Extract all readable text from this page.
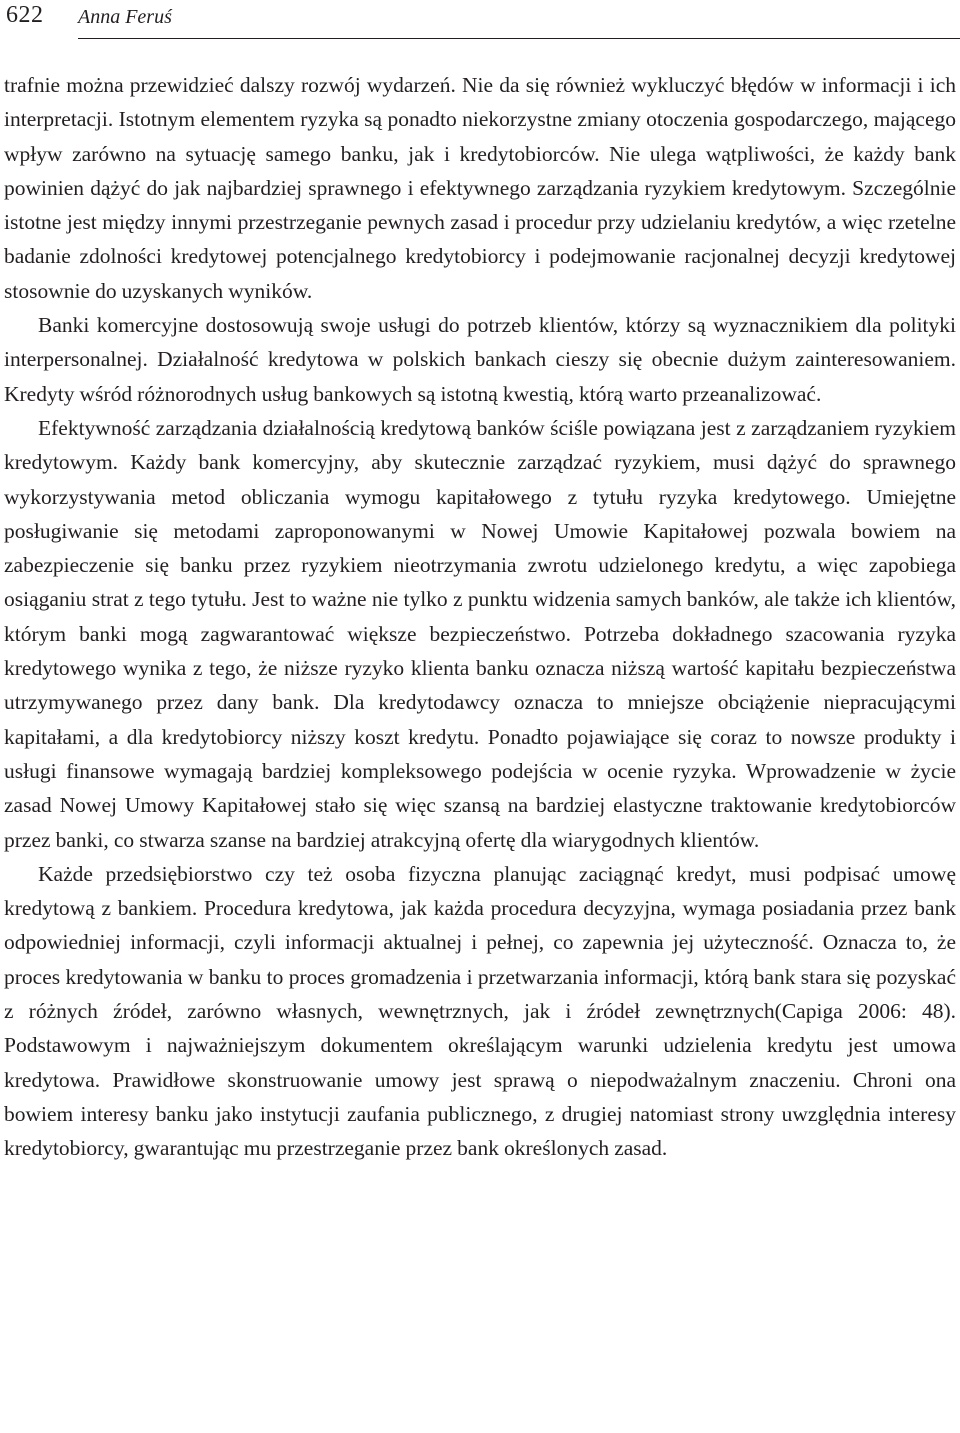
622 Anna Feruś

trafnie można przewidzieć dalszy rozwój wydarzeń. Nie da się również wykluczyć błędów w informacji i ich interpretacji. Istotnym elementem ryzyka są ponadto niekorzystne zmiany otoczenia gospodarczego, mającego wpływ zarówno na sytuację samego banku, jak i kredytobiorców. Nie ulega wątpliwości, że każdy bank powinien dążyć do jak najbardziej sprawnego i efektywnego zarządzania ryzykiem kredytowym. Szczególnie istotne jest między innymi przestrzeganie pewnych zasad i procedur przy udzielaniu kredytów, a więc rzetelne badanie zdolności kredytowej potencjalnego kredytobiorcy i podejmowanie racjonalnej decyzji kredytowej stosownie do uzyskanych wyników.

Banki komercyjne dostosowują swoje usługi do potrzeb klientów, którzy są wyznacznikiem dla polityki interpersonalnej. Działalność kredytowa w polskich bankach cieszy się obecnie dużym zainteresowaniem. Kredyty wśród różnorodnych usług bankowych są istotną kwestią, którą warto przeanalizować.

Efektywność zarządzania działalnością kredytową banków ściśle powiązana jest z zarządzaniem ryzykiem kredytowym. Każdy bank komercyjny, aby skutecznie zarządzać ryzykiem, musi dążyć do sprawnego wykorzystywania metod obliczania wymogu kapitałowego z tytułu ryzyka kredytowego. Umiejętne posługiwanie się metodami zaproponowanymi w Nowej Umowie Kapitałowej pozwala bowiem na zabezpieczenie się banku przez ryzykiem nieotrzymania zwrotu udzielonego kredytu, a więc zapobiega osiąganiu strat z tego tytułu. Jest to ważne nie tylko z punktu widzenia samych banków, ale także ich klientów, którym banki mogą zagwarantować większe bezpieczeństwo. Potrzeba dokładnego szacowania ryzyka kredytowego wynika z tego, że niższe ryzyko klienta banku oznacza niższą wartość kapitału bezpieczeństwa utrzymywanego przez dany bank. Dla kredytodawcy oznacza to mniejsze obciążenie niepracującymi kapitałami, a dla kredytobiorcy niższy koszt kredytu. Ponadto pojawiające się coraz to nowsze produkty i usługi finansowe wymagają bardziej kompleksowego podejścia w ocenie ryzyka. Wprowadzenie w życie zasad Nowej Umowy Kapitałowej stało się więc szansą na bardziej elastyczne traktowanie kredytobiorców przez banki, co stwarza szanse na bardziej atrakcyjną ofertę dla wiarygodnych klientów.

Każde przedsiębiorstwo czy też osoba fizyczna planując zaciągnąć kredyt, musi podpisać umowę kredytową z bankiem. Procedura kredytowa, jak każda procedura decyzyjna, wymaga posiadania przez bank odpowiedniej informacji, czyli informacji aktualnej i pełnej, co zapewnia jej użyteczność. Oznacza to, że proces kredytowania w banku to proces gromadzenia i przetwarzania informacji, którą bank stara się pozyskać z różnych źródeł, zarówno własnych, wewnętrznych, jak i źródeł zewnętrznych(Capiga 2006: 48). Podstawowym i najważniejszym dokumentem określającym warunki udzielenia kredytu jest umowa kredytowa. Prawidłowe skonstruowanie umowy jest sprawą o niepodważalnym znaczeniu. Chroni ona bowiem interesy banku jako instytucji zaufania publicznego, z drugiej natomiast strony uwzględnia interesy kredytobiorcy, gwarantując mu przestrzeganie przez bank określonych zasad.
